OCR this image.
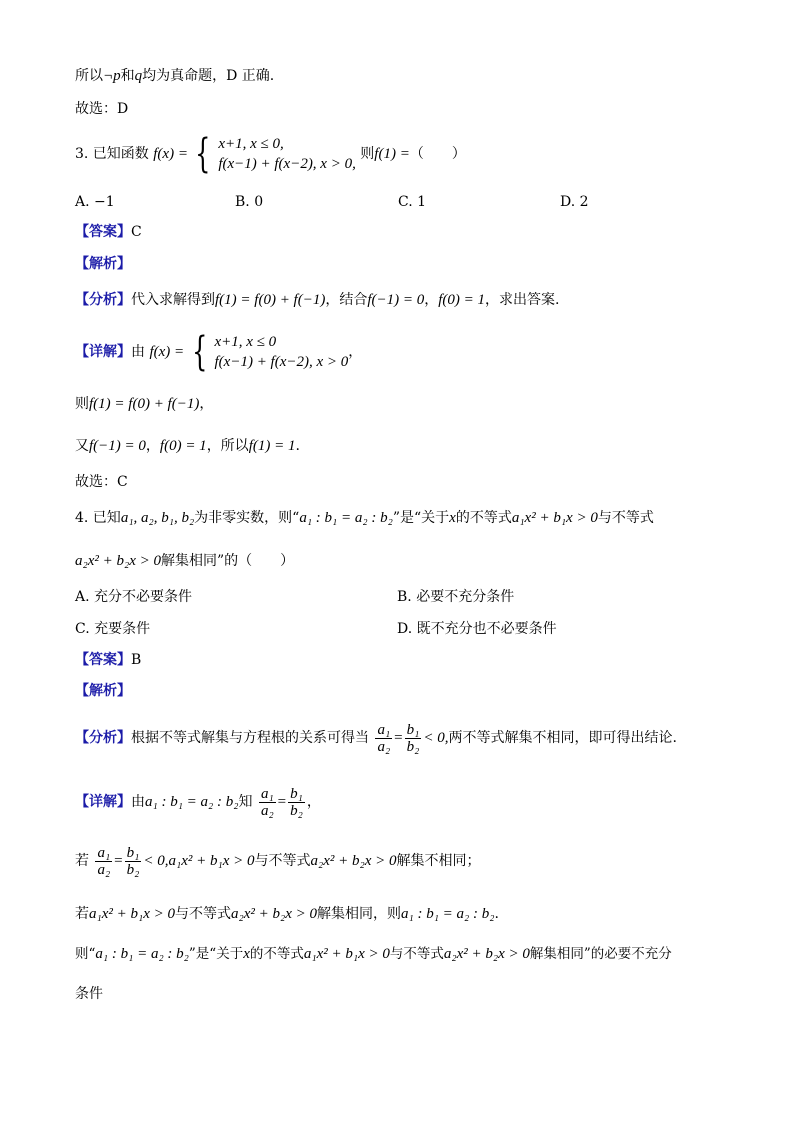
所以¬p和q均为真命题，D 正确.
故选：D
3. 已知函数 f(x) = { x+1, x ≤ 0,
f(x−1) + f(x−2), x > 0,
则f(1) =（　　）
A. −1	B. 0	C. 1	D. 2
【答案】C
【解析】
【分析】代入求解得到f(1) = f(0) + f(−1)，结合f(−1) = 0，f(0) = 1，求出答案.
【详解】由 f(x) = { x+1, x ≤ 0
f(x−1) + f(x−2), x > 0
，
则f(1) = f(0) + f(−1)，
又f(−1) = 0，f(0) = 1，所以f(1) = 1.
故选：C
4. 已知a₁, a₂, b₁, b₂为非零实数，则“a₁ : b₁ = a₂ : b₂”是“关于x的不等式a₁x² + b₁x > 0与不等式
a₂x² + b₂x > 0解集相同”的（　　）
A. 充分不必要条件	B. 必要不充分条件
C. 充要条件	D. 既不充分也不必要条件
【答案】B
【解析】
【分析】根据不等式解集与方程根的关系可得当 $\frac{\text{a₁}}{\text{a₂}} = \frac{\text{b₁}}{\text{b₂}} < 0$,两不等式解集不相同，即可得出结论.
【详解】由a₁ : b₁ = a₂ : b₂知 $\frac{\text{a₁}}{\text{a₂}} = \frac{\text{b₁}}{\text{b₂}}$ ，
若 $\frac{\text{a₁}}{\text{a₂}} = \frac{\text{b₁}}{\text{b₂}} < 0,a_1x^2 + b_1x > 0$与不等式a₂x² + b₂x > 0解集不相同；
若a₁x² + b₁x > 0与不等式a₂x² + b₂x > 0解集相同，则a₁ : b₁ = a₂ : b₂.
则“a₁ : b₁ = a₂ : b₂”是“关于x的不等式a₁x² + b₁x > 0与不等式a₂x² + b₂x > 0解集相同”的必要不充分
条件
